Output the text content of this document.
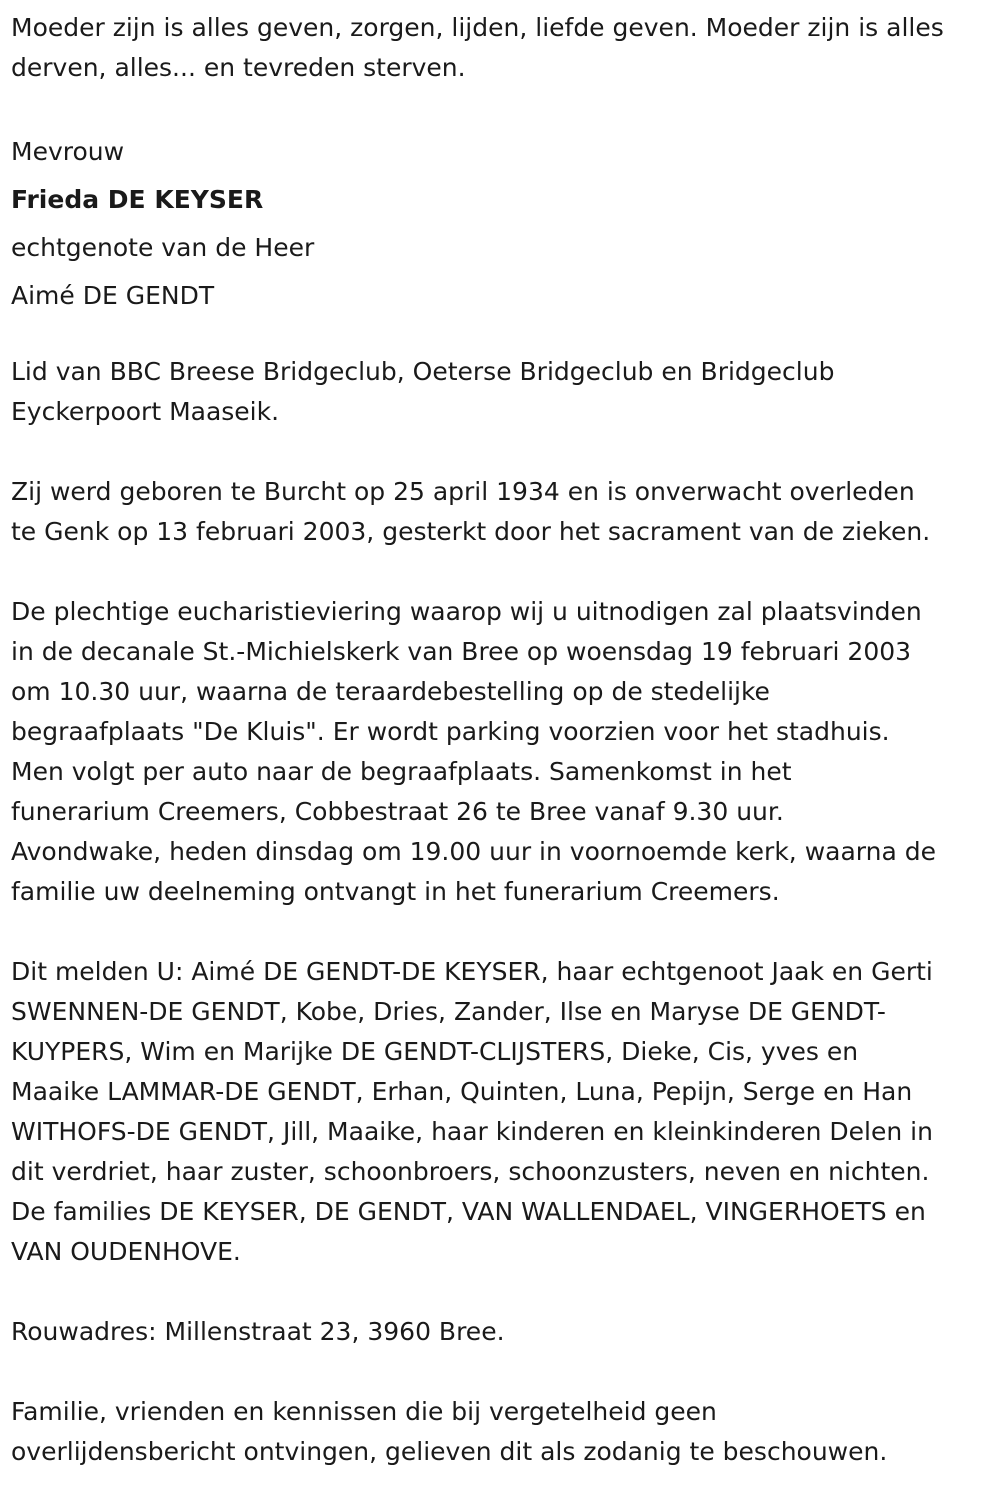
Moeder zijn is alles geven, zorgen, lijden, liefde geven. Moeder zijn is alles

derven, alles... en tevreden sterven.

Mevrouw

Frieda DE KEYSER

echtgenote van de Heer

Aimé DE GENDT

Lid van BBC Breese Bridgeclub, Oeterse Bridgeclub en Bridgeclub
Eyckerpoort Maaseik.

Zij werd geboren te Burcht op 25 april 1934 en is onverwacht overleden
te Genk op 13 februari 2003, gesterkt door het sacrament van de zieken.

De plechtige eucharistieviering waarop wij u uitnodigen zal plaatsvinden
in de decanale St.-Michielskerk van Bree op woensdag 19 februari 2003
om 10.30 uur, waarna de teraardebestelling op de stedelijke
begraafplaats "De Kluis". Er wordt parking voorzien voor het stadhuis.
Men volgt per auto naar de begraafplaats. Samenkomst in het
funerarium Creemers, Cobbestraat 26 te Bree vanaf 9.30 uur.
Avondwake, heden dinsdag om 19.00 uur in voornoemde kerk, waarna de
familie uw deelneming ontvangt in het funerarium Creemers.

Dit melden U: Aimé DE GENDT-DE KEYSER, haar echtgenoot Jaak en Gerti
SWENNEN-DE GENDT, Kobe, Dries, Zander, Ilse en Maryse DE GENDT-
KUYPERS, Wim en Marijke DE GENDT-CLIJSTERS, Dieke, Cis, yves en
Maaike LAMMAR-DE GENDT, Erhan, Quinten, Luna, Pepijn, Serge en Han
WITHOFS-DE GENDT, Jill, Maaike, haar kinderen en kleinkinderen Delen in
dit verdriet, haar zuster, schoonbroers, schoonzusters, neven en nichten.
De families DE KEYSER, DE GENDT, VAN WALLENDAEL, VINGERHOETS en
VAN OUDENHOVE.

Rouwadres: Millenstraat 23, 3960 Bree.

Familie, vrienden en kennissen die bij vergetelheid geen
overlijdensbericht ontvingen, gelieven dit als zodanig te beschouwen.
